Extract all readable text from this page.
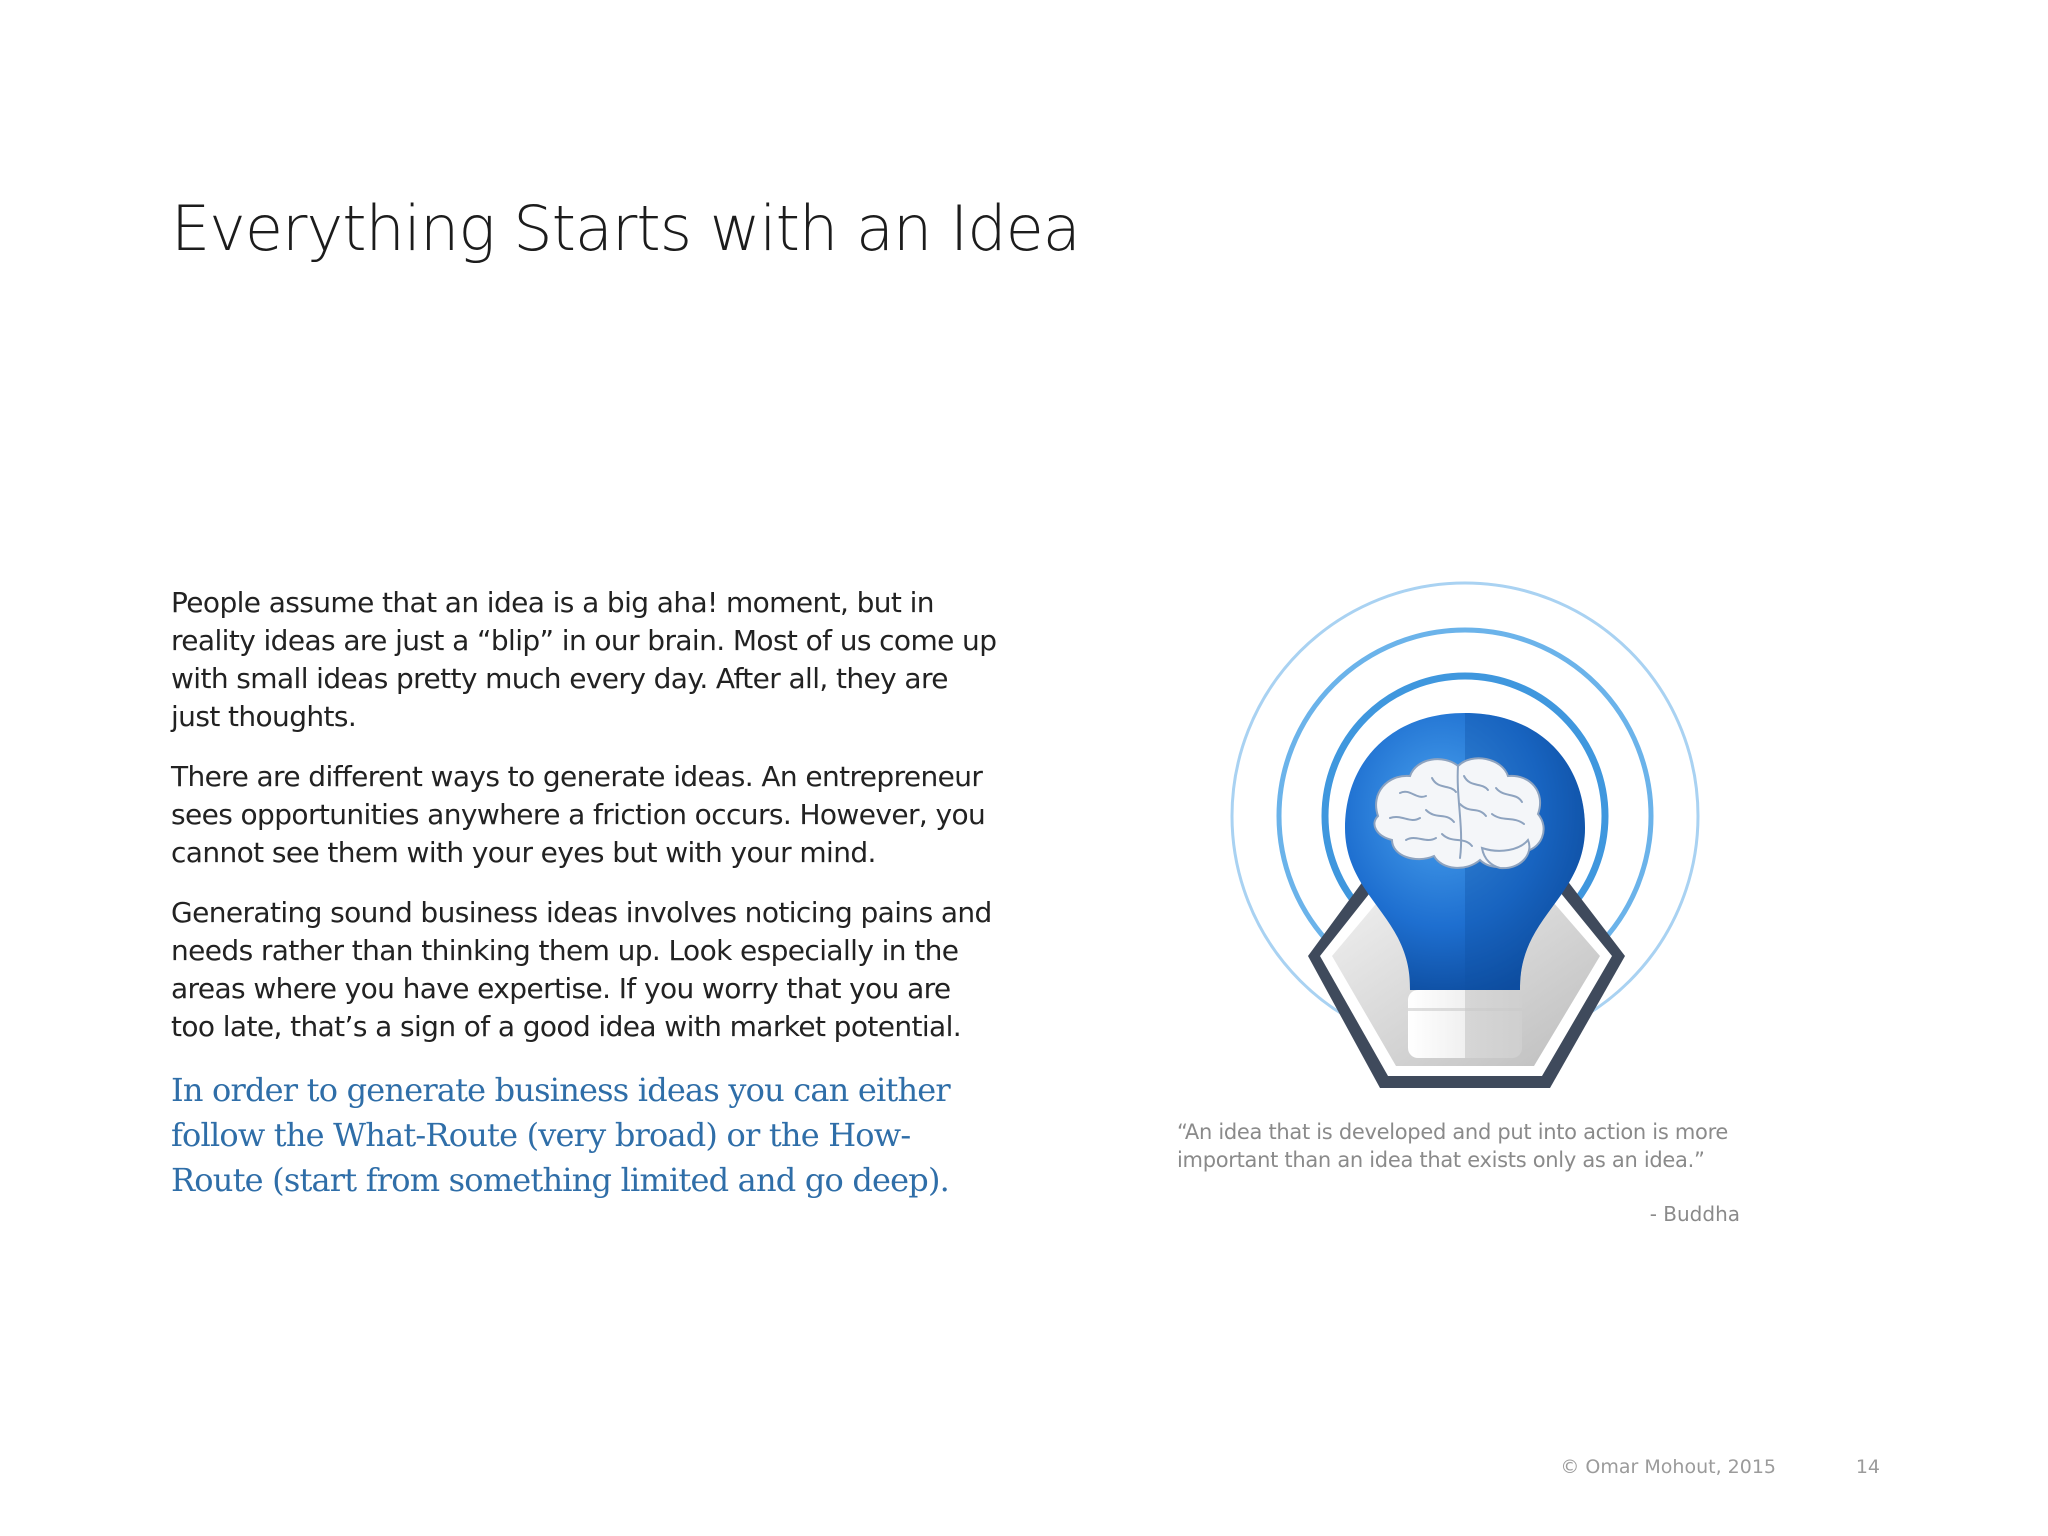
Everything Starts with an Idea

People assume that an idea is a big aha! moment, but in reality ideas are just a “blip” in our brain. Most of us come up with small ideas pretty much every day. After all, they are just thoughts.

There are different ways to generate ideas. An entrepreneur sees opportunities anywhere a friction occurs. However, you cannot see them with your eyes but with your mind.

Generating sound business ideas involves noticing pains and needs rather than thinking them up. Look especially in the areas where you have expertise. If you worry that you are too late, that’s a sign of a good idea with market potential.

In order to generate business ideas you can either follow the What-Route (very broad) or the How-Route (start from something limited and go deep).

“An idea that is developed and put into action is more important than an idea that exists only as an idea.”

- Buddha

© Omar Mohout, 2015	14
